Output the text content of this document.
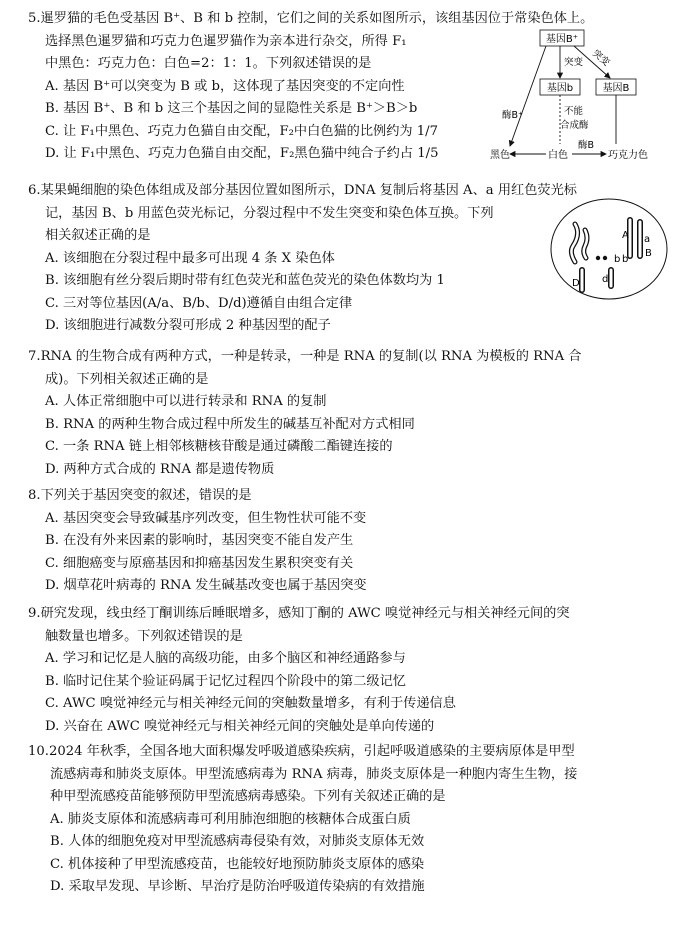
5.暹罗猫的毛色受基因 B⁺、B 和 b 控制，它们之间的关系如图所示，该组基因位于常染色体上。
选择黑色暹罗猫和巧克力色暹罗猫作为亲本进行杂交，所得 F₁
中黑色：巧克力色：白色=2：1：1。下列叙述错误的是
A. 基因 B⁺可以突变为 B 或 b，这体现了基因突变的不定向性
B. 基因 B⁺、B 和 b 这三个基因之间的显隐性关系是 B⁺＞B＞b
C. 让 F₁中黑色、巧克力色猫自由交配，F₂中白色猫的比例约为 1/7
D. 让 F₁中黑色、巧克力色猫自由交配，F₂黑色猫中纯合子约占 1/5
基因B⁺
基因b	基因B
突变 突变
酶B⁺	不能
合成酶
酶B
黑色	白色	巧克力色
6.某果蝇细胞的染色体组成及部分基因位置如图所示，DNA 复制后将基因 A、a 用红色荧光标
记，基因 B、b 用蓝色荧光标记，分裂过程中不发生突变和染色体互换。下列
相关叙述正确的是
A. 该细胞在分裂过程中最多可出现 4 条 X 染色体
B. 该细胞有丝分裂后期时带有红色荧光和蓝色荧光的染色体数均为 1
C. 三对等位基因(A/a、B/b、D/d)遵循自由组合定律
D. 该细胞进行减数分裂可形成 2 种基因型的配子
A a
B
b b
D d
7.RNA 的生物合成有两种方式，一种是转录，一种是 RNA 的复制(以 RNA 为模板的 RNA 合
成)。下列相关叙述正确的是
A. 人体正常细胞中可以进行转录和 RNA 的复制
B. RNA 的两种生物合成过程中所发生的碱基互补配对方式相同
C. 一条 RNA 链上相邻核糖核苷酸是通过磷酸二酯键连接的
D. 两种方式合成的 RNA 都是遗传物质
8.下列关于基因突变的叙述，错误的是
A. 基因突变会导致碱基序列改变，但生物性状可能不变
B. 在没有外来因素的影响时，基因突变不能自发产生
C. 细胞癌变与原癌基因和抑癌基因发生累积突变有关
D. 烟草花叶病毒的 RNA 发生碱基改变也属于基因突变
9.研究发现，线虫经丁酮训练后睡眠增多，感知丁酮的 AWC 嗅觉神经元与相关神经元间的突
触数量也增多。下列叙述错误的是
A. 学习和记忆是人脑的高级功能，由多个脑区和神经通路参与
B. 临时记住某个验证码属于记忆过程四个阶段中的第二级记忆
C. AWC 嗅觉神经元与相关神经元间的突触数量增多，有利于传递信息
D. 兴奋在 AWC 嗅觉神经元与相关神经元间的突触处是单向传递的
10.2024 年秋季，全国各地大面积爆发呼吸道感染疾病，引起呼吸道感染的主要病原体是甲型
流感病毒和肺炎支原体。甲型流感病毒为 RNA 病毒，肺炎支原体是一种胞内寄生生物，接
种甲型流感疫苗能够预防甲型流感病毒感染。下列有关叙述正确的是
A. 肺炎支原体和流感病毒可利用肺泡细胞的核糖体合成蛋白质
B. 人体的细胞免疫对甲型流感病毒侵染有效，对肺炎支原体无效
C. 机体接种了甲型流感疫苗，也能较好地预防肺炎支原体的感染
D. 采取早发现、早诊断、早治疗是防治呼吸道传染病的有效措施
